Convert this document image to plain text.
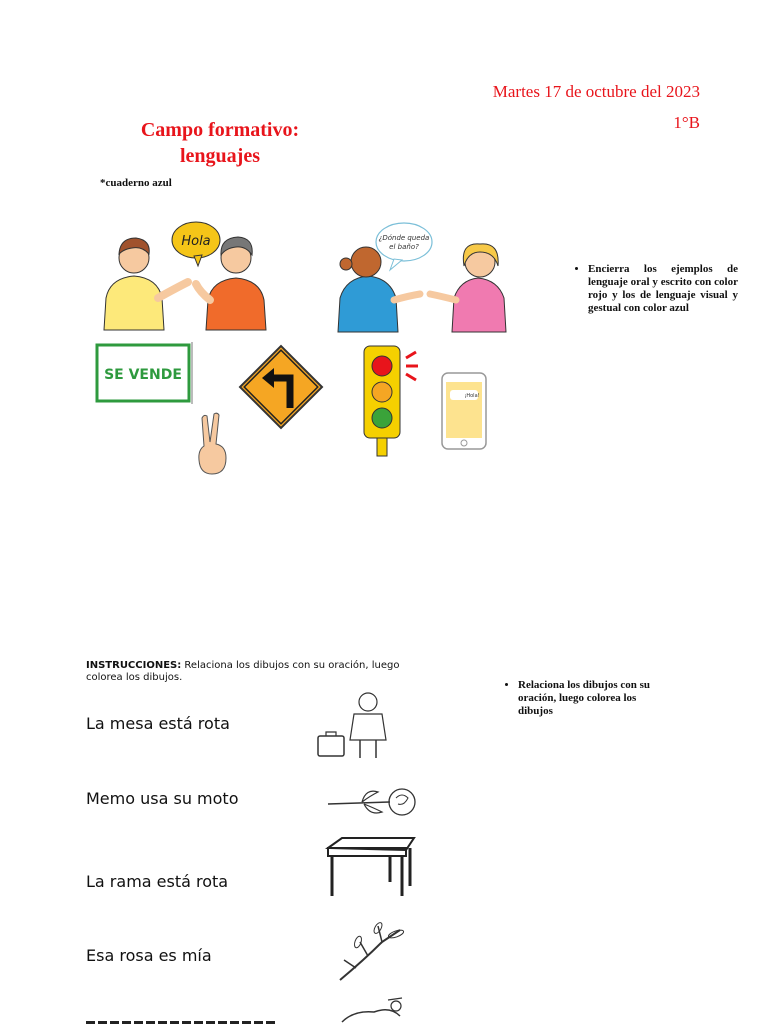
Martes 17 de octubre del 2023
1°B
Campo formativo:
lenguajes
*cuaderno azul
Hola	¿Dónde queda
el baño?
• Encierra los ejemplos de lenguaje oral y escrito con color rojo y los de lenguaje visual y gestual con color azul
SE VENDE
¡Hola!
INSTRUCCIONES: Relaciona los dibujos con su oración, luego colorea los dibujos.
• Relaciona los dibujos con su oración, luego colorea los dibujos
La mesa está rota
Memo usa su moto
La rama está rota
Esa rosa es mía
